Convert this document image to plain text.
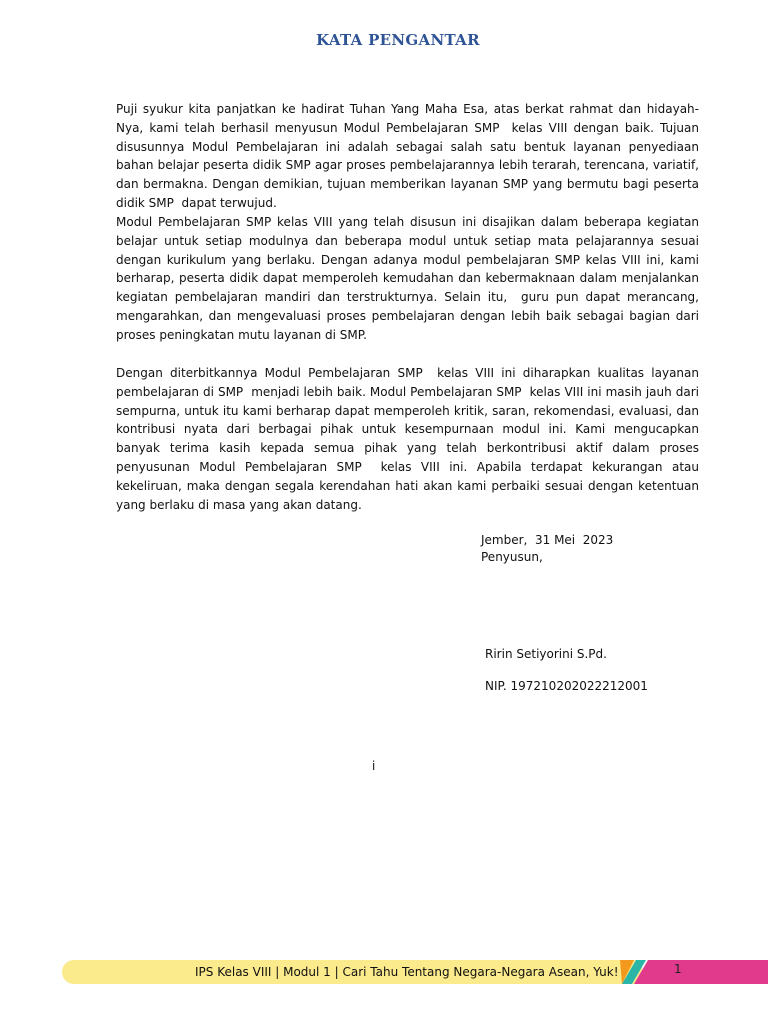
KATA PENGANTAR

Puji syukur kita panjatkan ke hadirat Tuhan Yang Maha Esa, atas berkat rahmat dan hidayah-Nya, kami telah berhasil menyusun Modul Pembelajaran SMP  kelas VIII dengan baik. Tujuan disusunnya Modul Pembelajaran ini adalah sebagai salah satu bentuk layanan penyediaan bahan belajar peserta didik SMP agar proses pembelajarannya lebih terarah, terencana, variatif, dan bermakna. Dengan demikian, tujuan memberikan layanan SMP yang bermutu bagi peserta didik SMP  dapat terwujud.

Modul Pembelajaran SMP kelas VIII yang telah disusun ini disajikan dalam beberapa kegiatan belajar untuk setiap modulnya dan beberapa modul untuk setiap mata pelajarannya sesuai dengan kurikulum yang berlaku. Dengan adanya modul pembelajaran SMP kelas VIII ini, kami berharap, peserta didik dapat memperoleh kemudahan dan kebermaknaan dalam menjalankan kegiatan pembelajaran mandiri dan terstrukturnya. Selain itu,  guru pun dapat merancang, mengarahkan, dan mengevaluasi proses pembelajaran dengan lebih baik sebagai bagian dari proses peningkatan mutu layanan di SMP.

Dengan diterbitkannya Modul Pembelajaran SMP  kelas VIII ini diharapkan kualitas layanan pembelajaran di SMP  menjadi lebih baik. Modul Pembelajaran SMP  kelas VIII ini masih jauh dari sempurna, untuk itu kami berharap dapat memperoleh kritik, saran, rekomendasi, evaluasi, dan kontribusi nyata dari berbagai pihak untuk kesempurnaan modul ini. Kami mengucapkan banyak terima kasih kepada semua pihak yang telah berkontribusi aktif dalam proses penyusunan Modul Pembelajaran SMP  kelas VIII ini. Apabila terdapat kekurangan atau kekeliruan, maka dengan segala kerendahan hati akan kami perbaiki sesuai dengan ketentuan yang berlaku di masa yang akan datang.

Jember,  31 Mei  2023
Penyusun,
Ririn Setiyorini S.Pd.
NIP. 197210202022212001
i
IPS Kelas VIII | Modul 1 | Cari Tahu Tentang Negara-Negara Asean, Yuk!	1
